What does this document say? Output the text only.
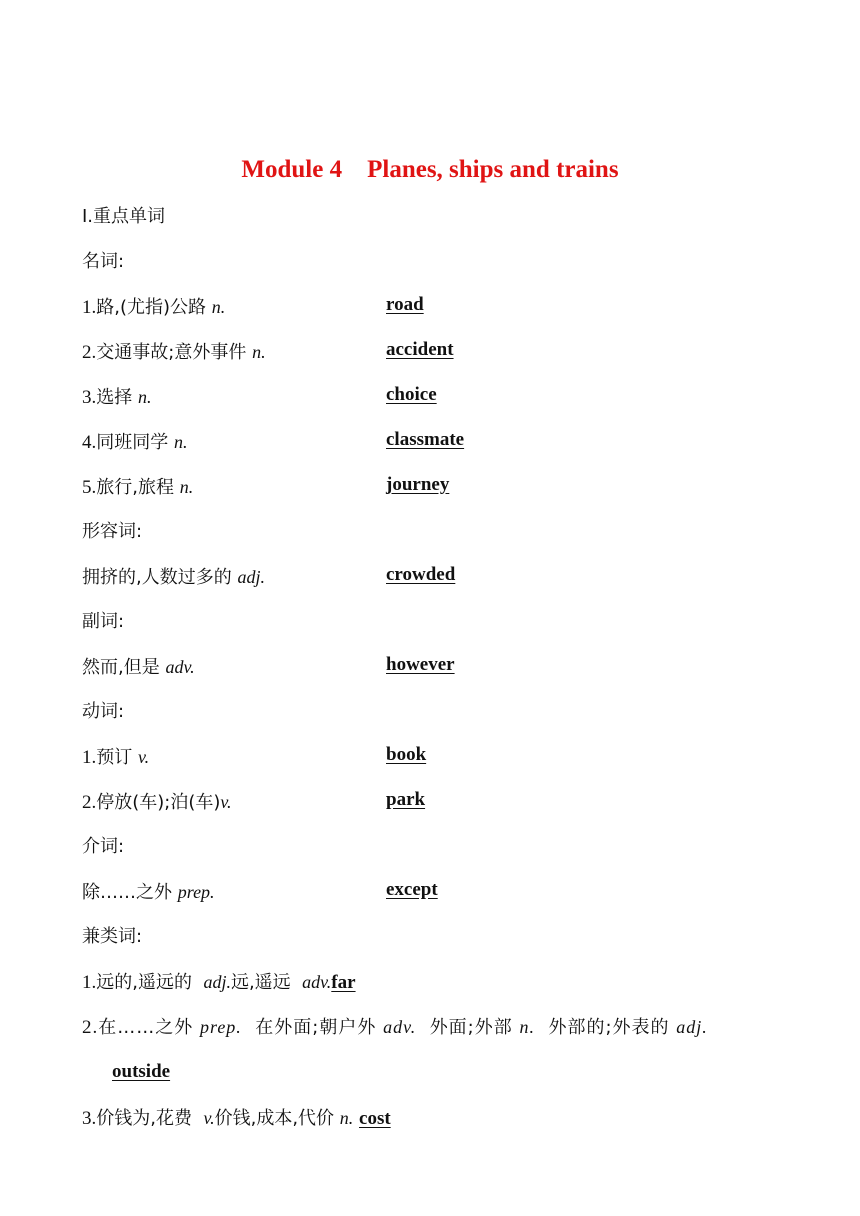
Module 4    Planes, ships and trains
Ⅰ.重点单词
名词:
1.路,(尤指)公路 n.	road
2.交通事故;意外事件 n.	accident
3.选择 n.	choice
4.同班同学 n.	classmate
5.旅行,旅程 n.	journey
形容词:
拥挤的,人数过多的 adj.	crowded
副词:
然而,但是 adv.	however
动词:
1.预订 v.	book
2.停放(车);泊(车)v.	park
介词:
除……之外 prep.	except
兼类词:
1.远的,遥远的 adj.远,遥远 adv.far
2.在……之外 prep. 在外面;朝户外 adv. 外面;外部 n. 外部的;外表的 adj.
outside
3.价钱为,花费 v.价钱,成本,代价 n. cost
